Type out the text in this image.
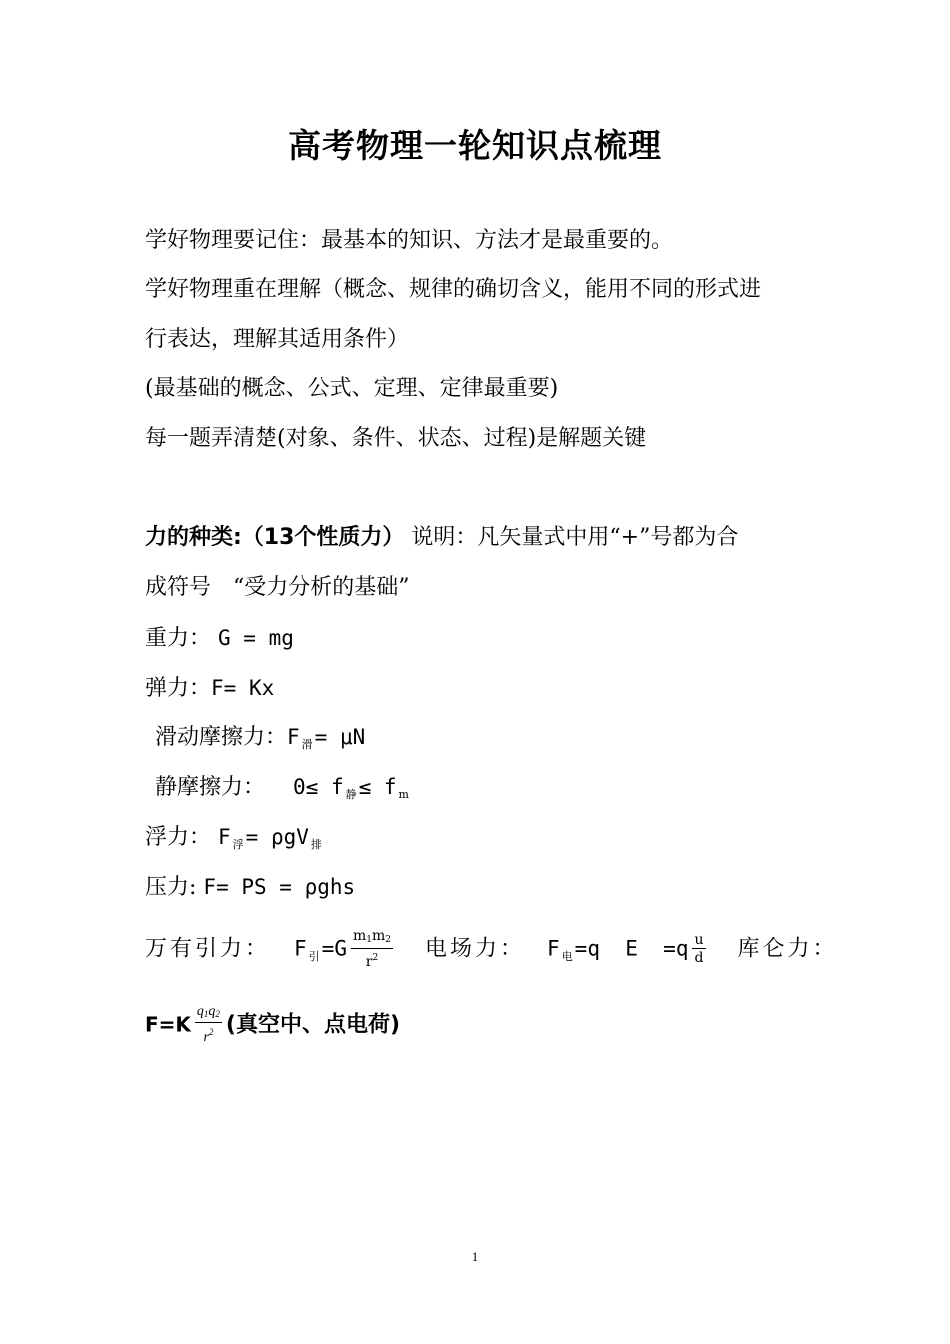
高考物理一轮知识点梳理
学好物理要记住：最基本的知识、方法才是最重要的。
学好物理重在理解（概念、规律的确切含义，能用不同的形式进
行表达，理解其适用条件）
(最基础的概念、公式、定理、定律最重要)
每一题弄清楚(对象、条件、状态、过程)是解题关键
力的种类:（13个性质力） 说明：凡矢量式中用“+”号都为合
成符号　“受力分析的基础”
重力： G = mg
弹力：F= Kx
滑动摩擦力：F $_滑$= μN
静摩擦力： 0≤ f $_静$≤ f $_m$
浮力： F $_浮$= ρgV $_排$
压力: F= PS = ρghs
万有引力： F $_引=G \frac{m1m2}{r^2}$ 电场力： F $_电$=q  $E =q \frac{u}{d}$ 库仑力：
$F=K \frac{q1q2}{r^2}$ (真空中、点电荷)
1
